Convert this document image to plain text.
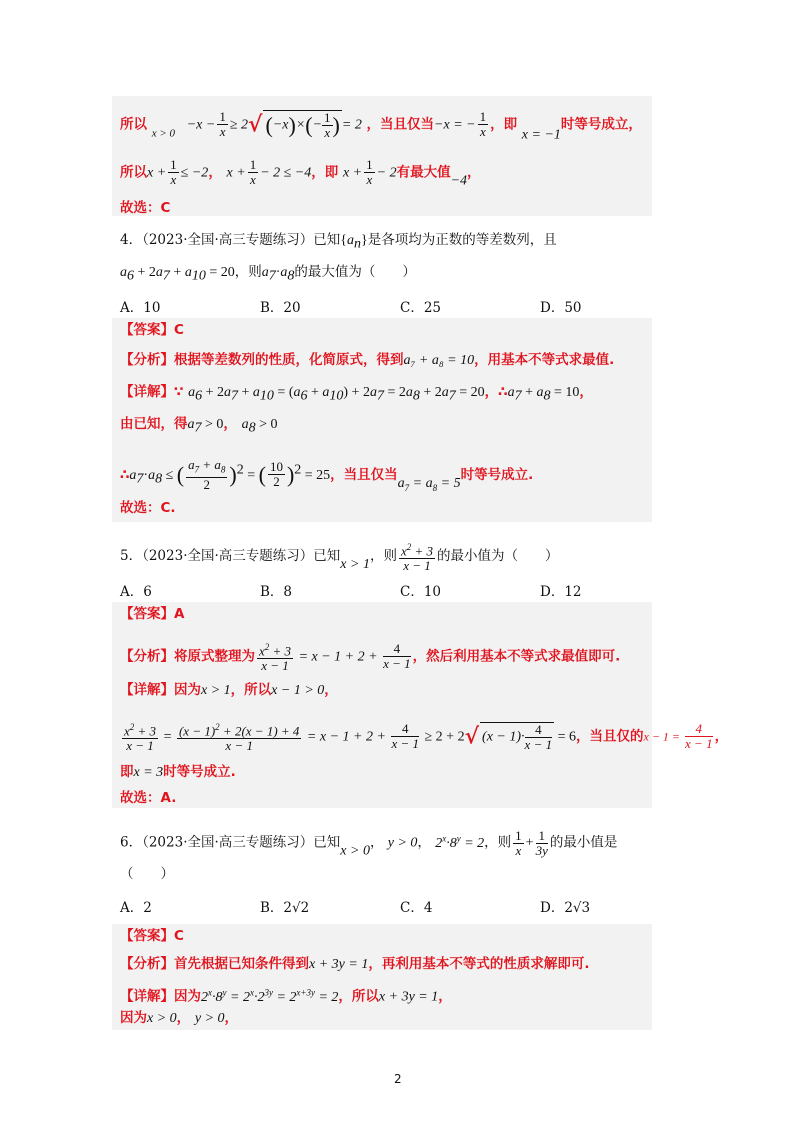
所以 $_{x > 0} -x - \frac{1}{x} \ge 2√$ $(-x)\times(- \frac{1}{x}$ ) = 2 ，当且仅当−x = − $\frac{1}{x}$ ，即 x = −1时等号成立，
所以$x + \frac{1}{x} \le -2$， $x + \frac{1}{x} - 2 \le -4$，即 $x + \frac{1}{x} - 2$有最大值−4，
故选：C
4．（2023·全国·高三专题练习）已知$\{a_n\}$是各项均为正数的等差数列，且
$a_6 + 2a_7 + a_{10} = 20$，则$a_7\cdot a_8$的最大值为（　　）
A．10	B．20	C．25	D．50
【答案】C
【分析】根据等差数列的性质，化简原式，得到a₇ + a₈ = 10，用基本不等式求最值.
【详解】∵ $a_6 + 2a_7 + a_{10} = (a_6 + a_{10}) + 2a_7 = 2a_8 + 2a_7 = 20$，$\therefore a_7 + a_8 = 10$，
由已知，得$a_7 > 0$， $a_8 > 0$
$\therefore a_7\cdot a_8$ ≤ ( $\frac{a_7 + a_8}{2} )^2$ = ( $\frac{10}{2} )^2 = 25$，当且仅当$a_7 = a_8 = 5$时等号成立.
故选：C.
5．（2023·全国·高三专题练习）已知x > 1，则 $\frac{x^2 + 3}{x - 1}$ 的最小值为（　　）
A．6	B．8	C．10	D．12
【答案】A
【分析】将原式整理为 $\frac{x^2 + 3}{x - 1} = x - 1 + 2 + \frac{4}{x - 1}$ ，然后利用基本不等式求最值即可.
【详解】因为x > 1，所以x − 1 > 0，
$\frac{x^2 + 3}{x - 1} = \frac{(x - 1)^2 + 2(x - 1) + 4}{x - 1} = x - 1 + 2 + \frac{4}{x - 1} \ge 2 + 2√$ $(x - 1)\cdot \frac{4}{x - 1} = 6$，当且仅的$x - 1 = \frac{4}{x - 1}$ ，
即x = 3时等号成立.
故选：A.
6．（2023·全国·高三专题练习）已知x > 0， y > 0， $2^x\cdot 8^y = 2$，则 $\frac{1}{x} + \frac{1}{3y}$ 的最小值是
（　　）
A．2	B．2√2	C．4	D．2√3
【答案】C
【分析】首先根据已知条件得到x + 3y = 1，再利用基本不等式的性质求解即可.
【详解】因为$2^x\cdot 8^y = 2^x\cdot 2^{3y} = 2^{x+3y} = 2$，所以x + 3y = 1，
因为x > 0， y > 0，
2
